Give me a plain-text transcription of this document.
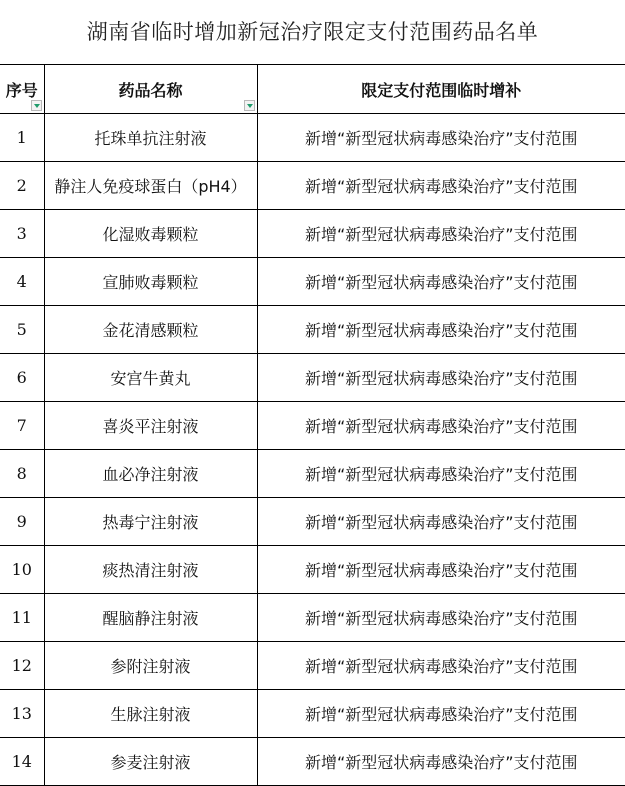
湖南省临时增加新冠治疗限定支付范围药品名单
序号	药品名称	限定支付范围临时增补
1	托珠单抗注射液	新增“新型冠状病毒感染治疗”支付范围
2	静注人免疫球蛋白（pH4）	新增“新型冠状病毒感染治疗”支付范围
3	化湿败毒颗粒	新增“新型冠状病毒感染治疗”支付范围
4	宣肺败毒颗粒	新增“新型冠状病毒感染治疗”支付范围
5	金花清感颗粒	新增“新型冠状病毒感染治疗”支付范围
6	安宫牛黄丸	新增“新型冠状病毒感染治疗”支付范围
7	喜炎平注射液	新增“新型冠状病毒感染治疗”支付范围
8	血必净注射液	新增“新型冠状病毒感染治疗”支付范围
9	热毒宁注射液	新增“新型冠状病毒感染治疗”支付范围
10	痰热清注射液	新增“新型冠状病毒感染治疗”支付范围
11	醒脑静注射液	新增“新型冠状病毒感染治疗”支付范围
12	参附注射液	新增“新型冠状病毒感染治疗”支付范围
13	生脉注射液	新增“新型冠状病毒感染治疗”支付范围
14	参麦注射液	新增“新型冠状病毒感染治疗”支付范围
